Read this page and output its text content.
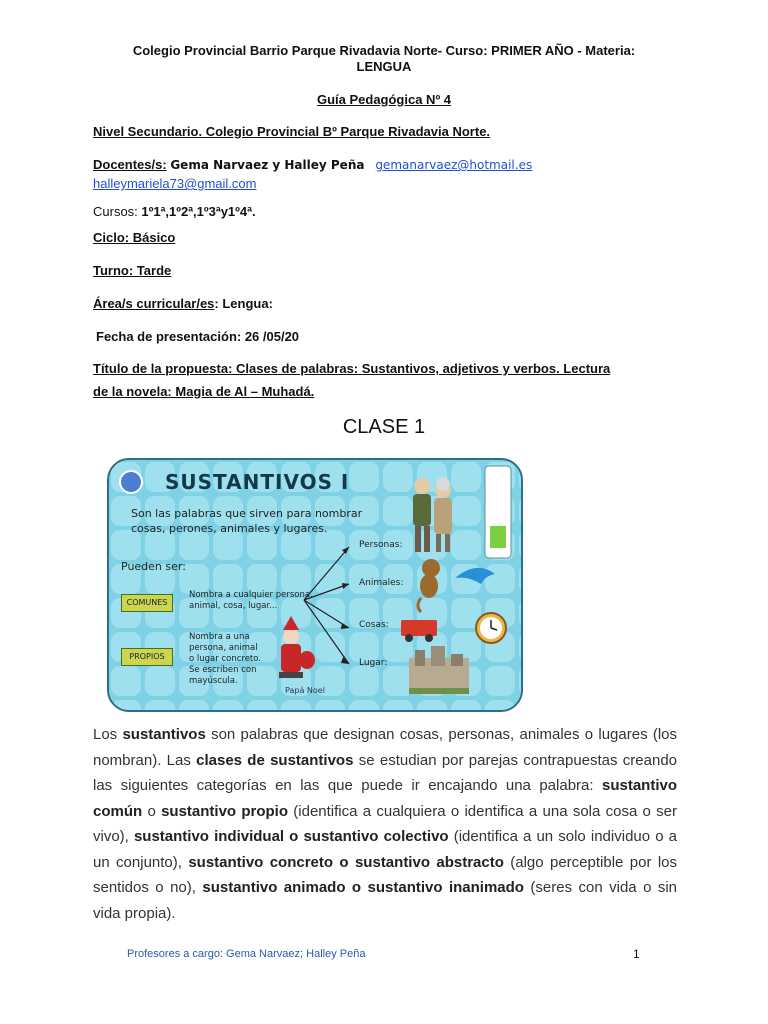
Colegio Provincial Barrio Parque Rivadavia Norte- Curso: PRIMER AÑO - Materia:
LENGUA
Guía Pedagógica Nº 4
Nivel Secundario. Colegio Provincial Bº Parque Rivadavia Norte.
Docentes/s: Gema Narvaez y Halley Peña gemanarvaez@hotmail.es
halleymariela73@gmail.com
Cursos: 1º1ª,1º2ª,1º3ªy1º4ª.
Ciclo: Básico
Turno: Tarde
Área/s curricular/es: Lengua:
Fecha de presentación: 26 /05/20
Título de la propuesta: Clases de palabras: Sustantivos, adjetivos y verbos. Lectura
de la novela: Magia de Al – Muhadá.
CLASE 1
SUSTANTIVOS I
Son las palabras que sirven para nombrar
cosas, perones, animales y lugares.
Pueden ser:
COMUNES
Nombra a cualquier persona,
animal, cosa, lugar...
PROPIOS
Nombra a una
persona, animal
o lugar concreto.
Se escriben con
mayúscula.
Papá Noel
Personas:
Animales:
Cosas:
Lugar:
Los sustantivos son palabras que designan cosas, personas, animales o lugares (los nombran). Las clases de sustantivos se estudian por parejas contrapuestas creando las siguientes categorías en las que puede ir encajando una palabra: sustantivo común o sustantivo propio (identifica a cualquiera o identifica a una sola cosa o ser vivo), sustantivo individual o sustantivo colectivo (identifica a un solo individuo o a un conjunto), sustantivo concreto o sustantivo abstracto (algo perceptible por los sentidos o no), sustantivo animado o sustantivo inanimado (seres con vida o sin vida propia).
Profesores a cargo: Gema Narvaez; Halley Peña	1
